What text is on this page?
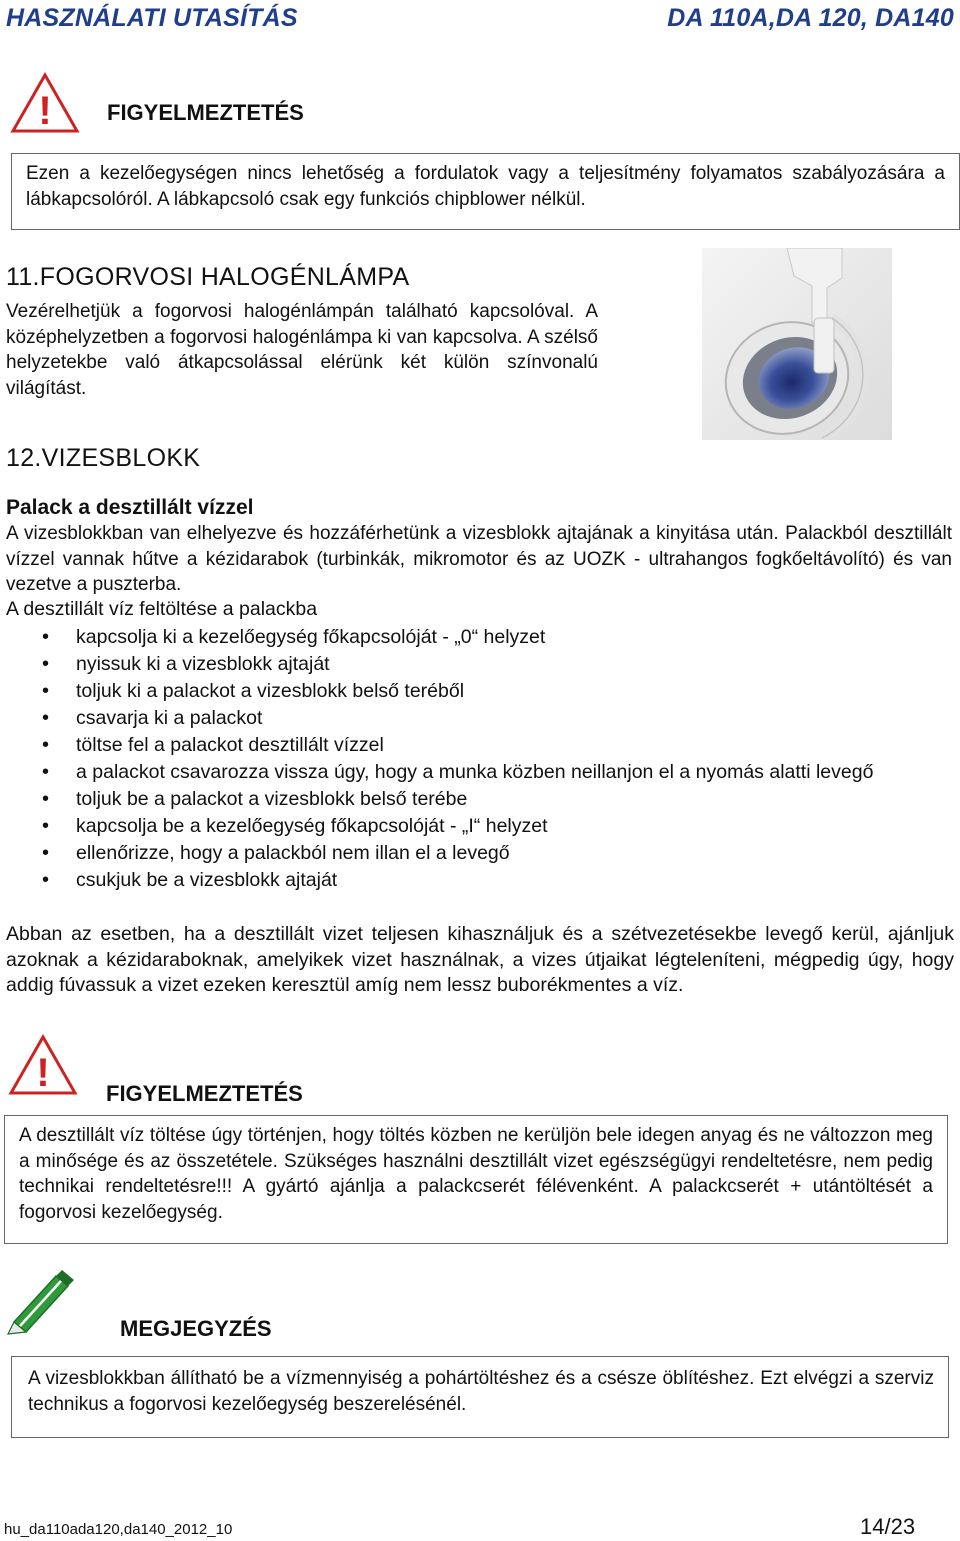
HASZNÁLATI UTASÍTÁS	DA 110A,DA 120, DA140
!	FIGYELMEZTETÉS

Ezen a kezelőegységen nincs lehetőség a fordulatok vagy a teljesítmény folyamatos szabályozására a lábkapcsolóról. A lábkapcsoló csak egy funkciós chipblower nélkül.

11.FOGORVOSI HALOGÉNLÁMPA

Vezérelhetjük a fogorvosi halogénlámpán található kapcsolóval. A középhelyzetben a fogorvosi halogénlámpa ki van kapcsolva. A szélső helyzetekbe való átkapcsolással elérünk két külön színvonalú világítást.

12.VIZESBLOKK
Palack a desztillált vízzel

A vizesblokkban van elhelyezve és hozzáférhetünk a vizesblokk ajtajának a kinyitása után. Palackból desztillált vízzel vannak hűtve a kézidarabok (turbinkák, mikromotor és az UOZK - ultrahangos fogkőeltávolító) és van vezetve a puszterba.

A desztillált víz feltöltése a palackba
• kapcsolja ki a kezelőegység főkapcsolóját - „0“ helyzet
• nyissuk ki a vizesblokk ajtaját
• toljuk ki a palackot a vizesblokk belső teréből
• csavarja ki a palackot
• töltse fel a palackot desztillált vízzel
• a palackot csavarozza vissza úgy, hogy a munka közben neillanjon el a nyomás alatti levegő
• toljuk be a palackot a vizesblokk belső terébe
• kapcsolja be a kezelőegység főkapcsolóját - „I“ helyzet
• ellenőrizze, hogy a palackból nem illan el a levegő
• csukjuk be a vizesblokk ajtaját

Abban az esetben, ha a desztillált vizet teljesen kihasználjuk és a szétvezetésekbe levegő kerül, ajánljuk azoknak a kézidaraboknak, amelyikek vizet használnak, a vizes útjaikat légteleníteni, mégpedig úgy, hogy addig fúvassuk a vizet ezeken keresztül amíg nem lessz buborékmentes a víz.

!	FIGYELMEZTETÉS

A desztillált víz töltése úgy történjen, hogy töltés közben ne kerüljön bele idegen anyag és ne változzon meg a minősége és az összetétele. Szükséges használni desztillált vizet egészségügyi rendeltetésre, nem pedig technikai rendeltetésre!!! A gyártó ajánlja a palackcserét félévenként. A palackcserét + utántöltését a fogorvosi kezelőegység.

MEGJEGYZÉS

A vizesblokkban állítható be a vízmennyiség a pohártöltéshez és a csésze öblítéshez. Ezt elvégzi a szerviz technikus a fogorvosi kezelőegység beszerelésénél.

hu_da110ada120,da140_2012_10	14/23
